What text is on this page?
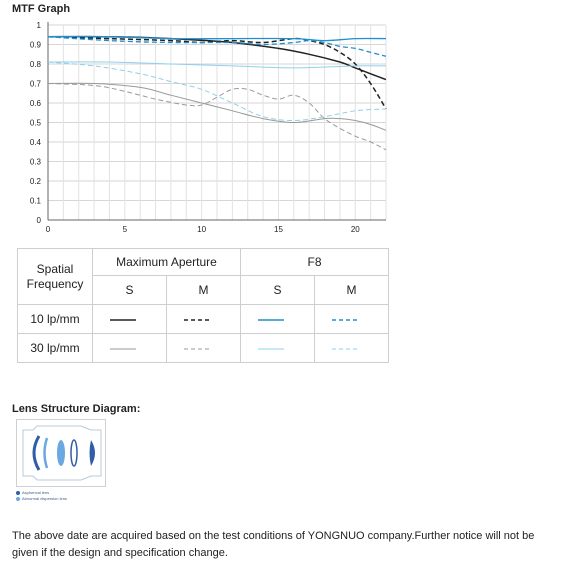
MTF Graph
0
0.1
0.2
0.3
0.4
0.5
0.6
0.7
0.8
0.9
1
0	5	10	15	20
Spatial
Frequency	Maximum Aperture		F8	
	S	M	S	M
10 lp/mm				
30 lp/mm				
Lens Structure Diagram:
Aspherical lens
Abnormal dispersion lens
The above date are acquired based on the test conditions of YONGNUO company.Further notice will not be given if the design and specification change.
